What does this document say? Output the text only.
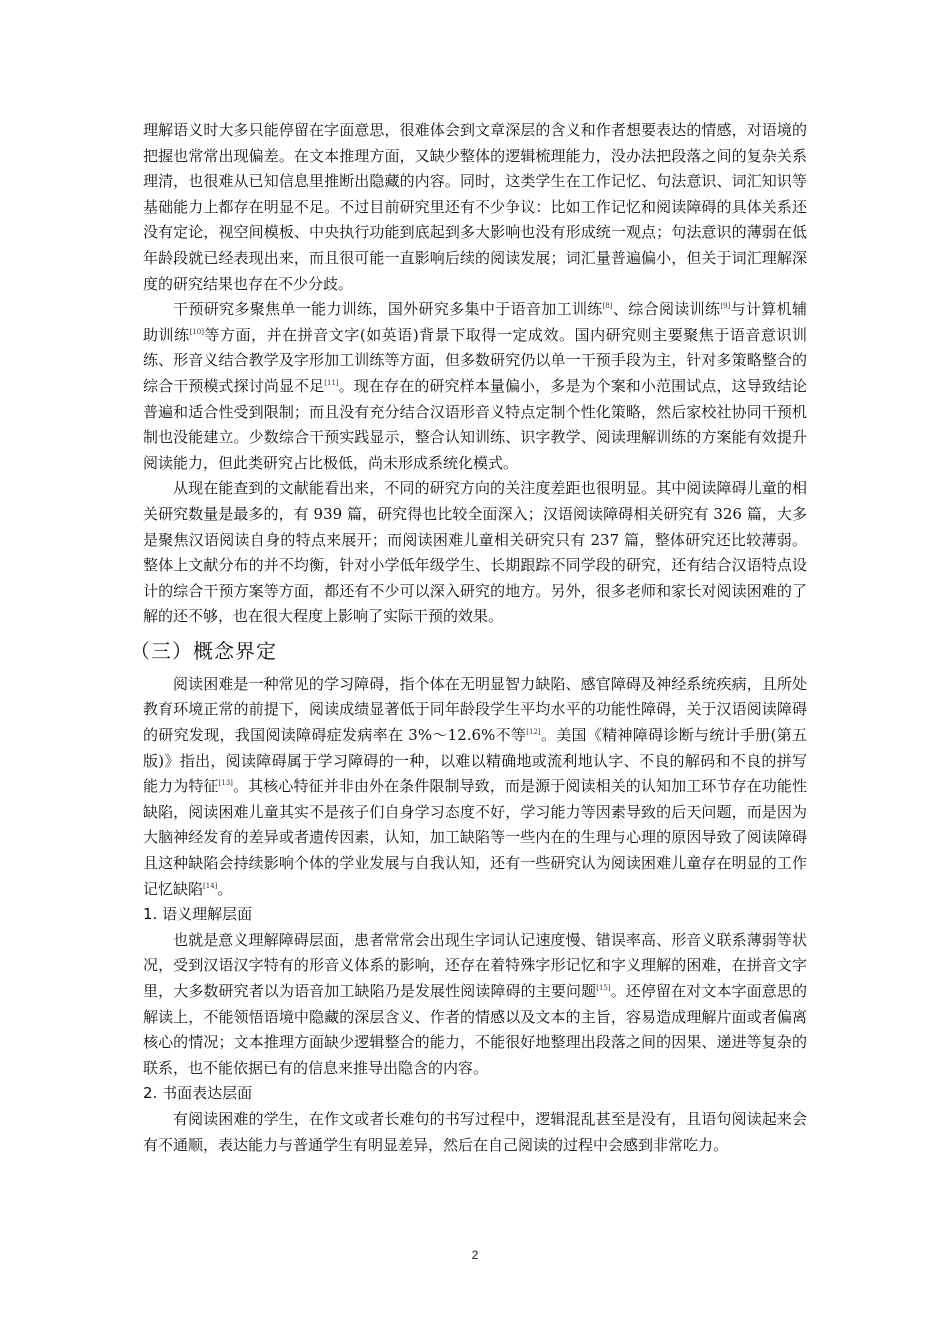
理解语义时大多只能停留在字面意思，很难体会到文章深层的含义和作者想要表达的情感，对语境的把握也常常出现偏差。在文本推理方面，又缺少整体的逻辑梳理能力，没办法把段落之间的复杂关系理清，也很难从已知信息里推断出隐藏的内容。同时，这类学生在工作记忆、句法意识、词汇知识等基础能力上都存在明显不足。不过目前研究里还有不少争议：比如工作记忆和阅读障碍的具体关系还没有定论，视空间模板、中央执行功能到底起到多大影响也没有形成统一观点；句法意识的薄弱在低年龄段就已经表现出来，而且很可能一直影响后续的阅读发展；词汇量普遍偏小，但关于词汇理解深度的研究结果也存在不少分歧。

干预研究多聚焦单一能力训练，国外研究多集中于语音加工训练[8]、综合阅读训练[9]与计算机辅助训练[10]等方面，并在拼音文字(如英语)背景下取得一定成效。国内研究则主要聚焦于语音意识训练、形音义结合教学及字形加工训练等方面，但多数研究仍以单一干预手段为主，针对多策略整合的综合干预模式探讨尚显不足[11]。现在存在的研究样本量偏小，多是为个案和小范围试点，这导致结论普遍和适合性受到限制；而且没有充分结合汉语形音义特点定制个性化策略，然后家校社协同干预机制也没能建立。少数综合干预实践显示，整合认知训练、识字教学、阅读理解训练的方案能有效提升阅读能力，但此类研究占比极低，尚未形成系统化模式。

从现在能查到的文献能看出来，不同的研究方向的关注度差距也很明显。其中阅读障碍儿童的相关研究数量是最多的，有 939 篇，研究得也比较全面深入；汉语阅读障碍相关研究有 326 篇，大多是聚焦汉语阅读自身的特点来展开；而阅读困难儿童相关研究只有 237 篇，整体研究还比较薄弱。整体上文献分布的并不均衡，针对小学低年级学生、长期跟踪不同学段的研究，还有结合汉语特点设计的综合干预方案等方面，都还有不少可以深入研究的地方。另外，很多老师和家长对阅读困难的了解的还不够，也在很大程度上影响了实际干预的效果。

（三）概念界定

阅读困难是一种常见的学习障碍，指个体在无明显智力缺陷、感官障碍及神经系统疾病，且所处教育环境正常的前提下，阅读成绩显著低于同年龄段学生平均水平的功能性障碍，关于汉语阅读障碍的研究发现，我国阅读障碍症发病率在 3%～12.6%不等[12]。美国《精神障碍诊断与统计手册(第五版)》指出，阅读障碍属于学习障碍的一种，以难以精确地或流利地认字、不良的解码和不良的拼写能力为特征[13]。其核心特征并非由外在条件限制导致，而是源于阅读相关的认知加工环节存在功能性缺陷，阅读困难儿童其实不是孩子们自身学习态度不好，学习能力等因素导致的后天问题，而是因为大脑神经发育的差异或者遗传因素，认知，加工缺陷等一些内在的生理与心理的原因导致了阅读障碍且这种缺陷会持续影响个体的学业发展与自我认知，还有一些研究认为阅读困难儿童存在明显的工作记忆缺陷[14]。

1. 语义理解层面

也就是意义理解障碍层面，患者常常会出现生字词认记速度慢、错误率高、形音义联系薄弱等状况，受到汉语汉字特有的形音义体系的影响，还存在着特殊字形记忆和字义理解的困难，在拼音文字里，大多数研究者以为语音加工缺陷乃是发展性阅读障碍的主要问题[15]。还停留在对文本字面意思的解读上，不能领悟语境中隐藏的深层含义、作者的情感以及文本的主旨，容易造成理解片面或者偏离核心的情况；文本推理方面缺少逻辑整合的能力，不能很好地整理出段落之间的因果、递进等复杂的联系，也不能依据已有的信息来推导出隐含的内容。

2. 书面表达层面

有阅读困难的学生，在作文或者长难句的书写过程中，逻辑混乱甚至是没有，且语句阅读起来会有不通顺，表达能力与普通学生有明显差异，然后在自己阅读的过程中会感到非常吃力。

2
